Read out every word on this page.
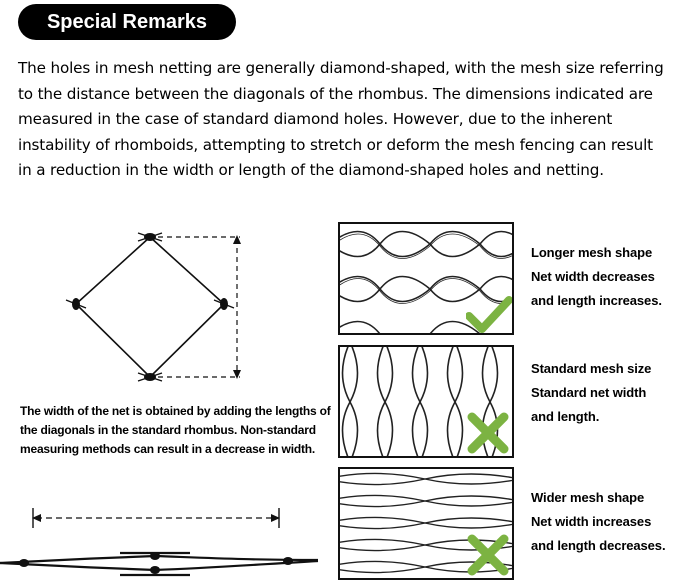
Special Remarks

The holes in mesh netting are generally diamond-shaped, with the mesh size referring to the distance between the diagonals of the rhombus. The dimensions indicated are measured in the case of standard diamond holes. However, due to the inherent instability of rhomboids, attempting to stretch or deform the mesh fencing can result in a reduction in the width or length of the diamond-shaped holes and netting.

The width of the net is obtained by adding the lengths of the diagonals in the standard rhombus. Non-standard measuring methods can result in a decrease in width.

Longer mesh shape
Net width decreases
and length increases.
Standard mesh size
Standard net width
and length.
Wider mesh shape
Net width increases
and length decreases.
